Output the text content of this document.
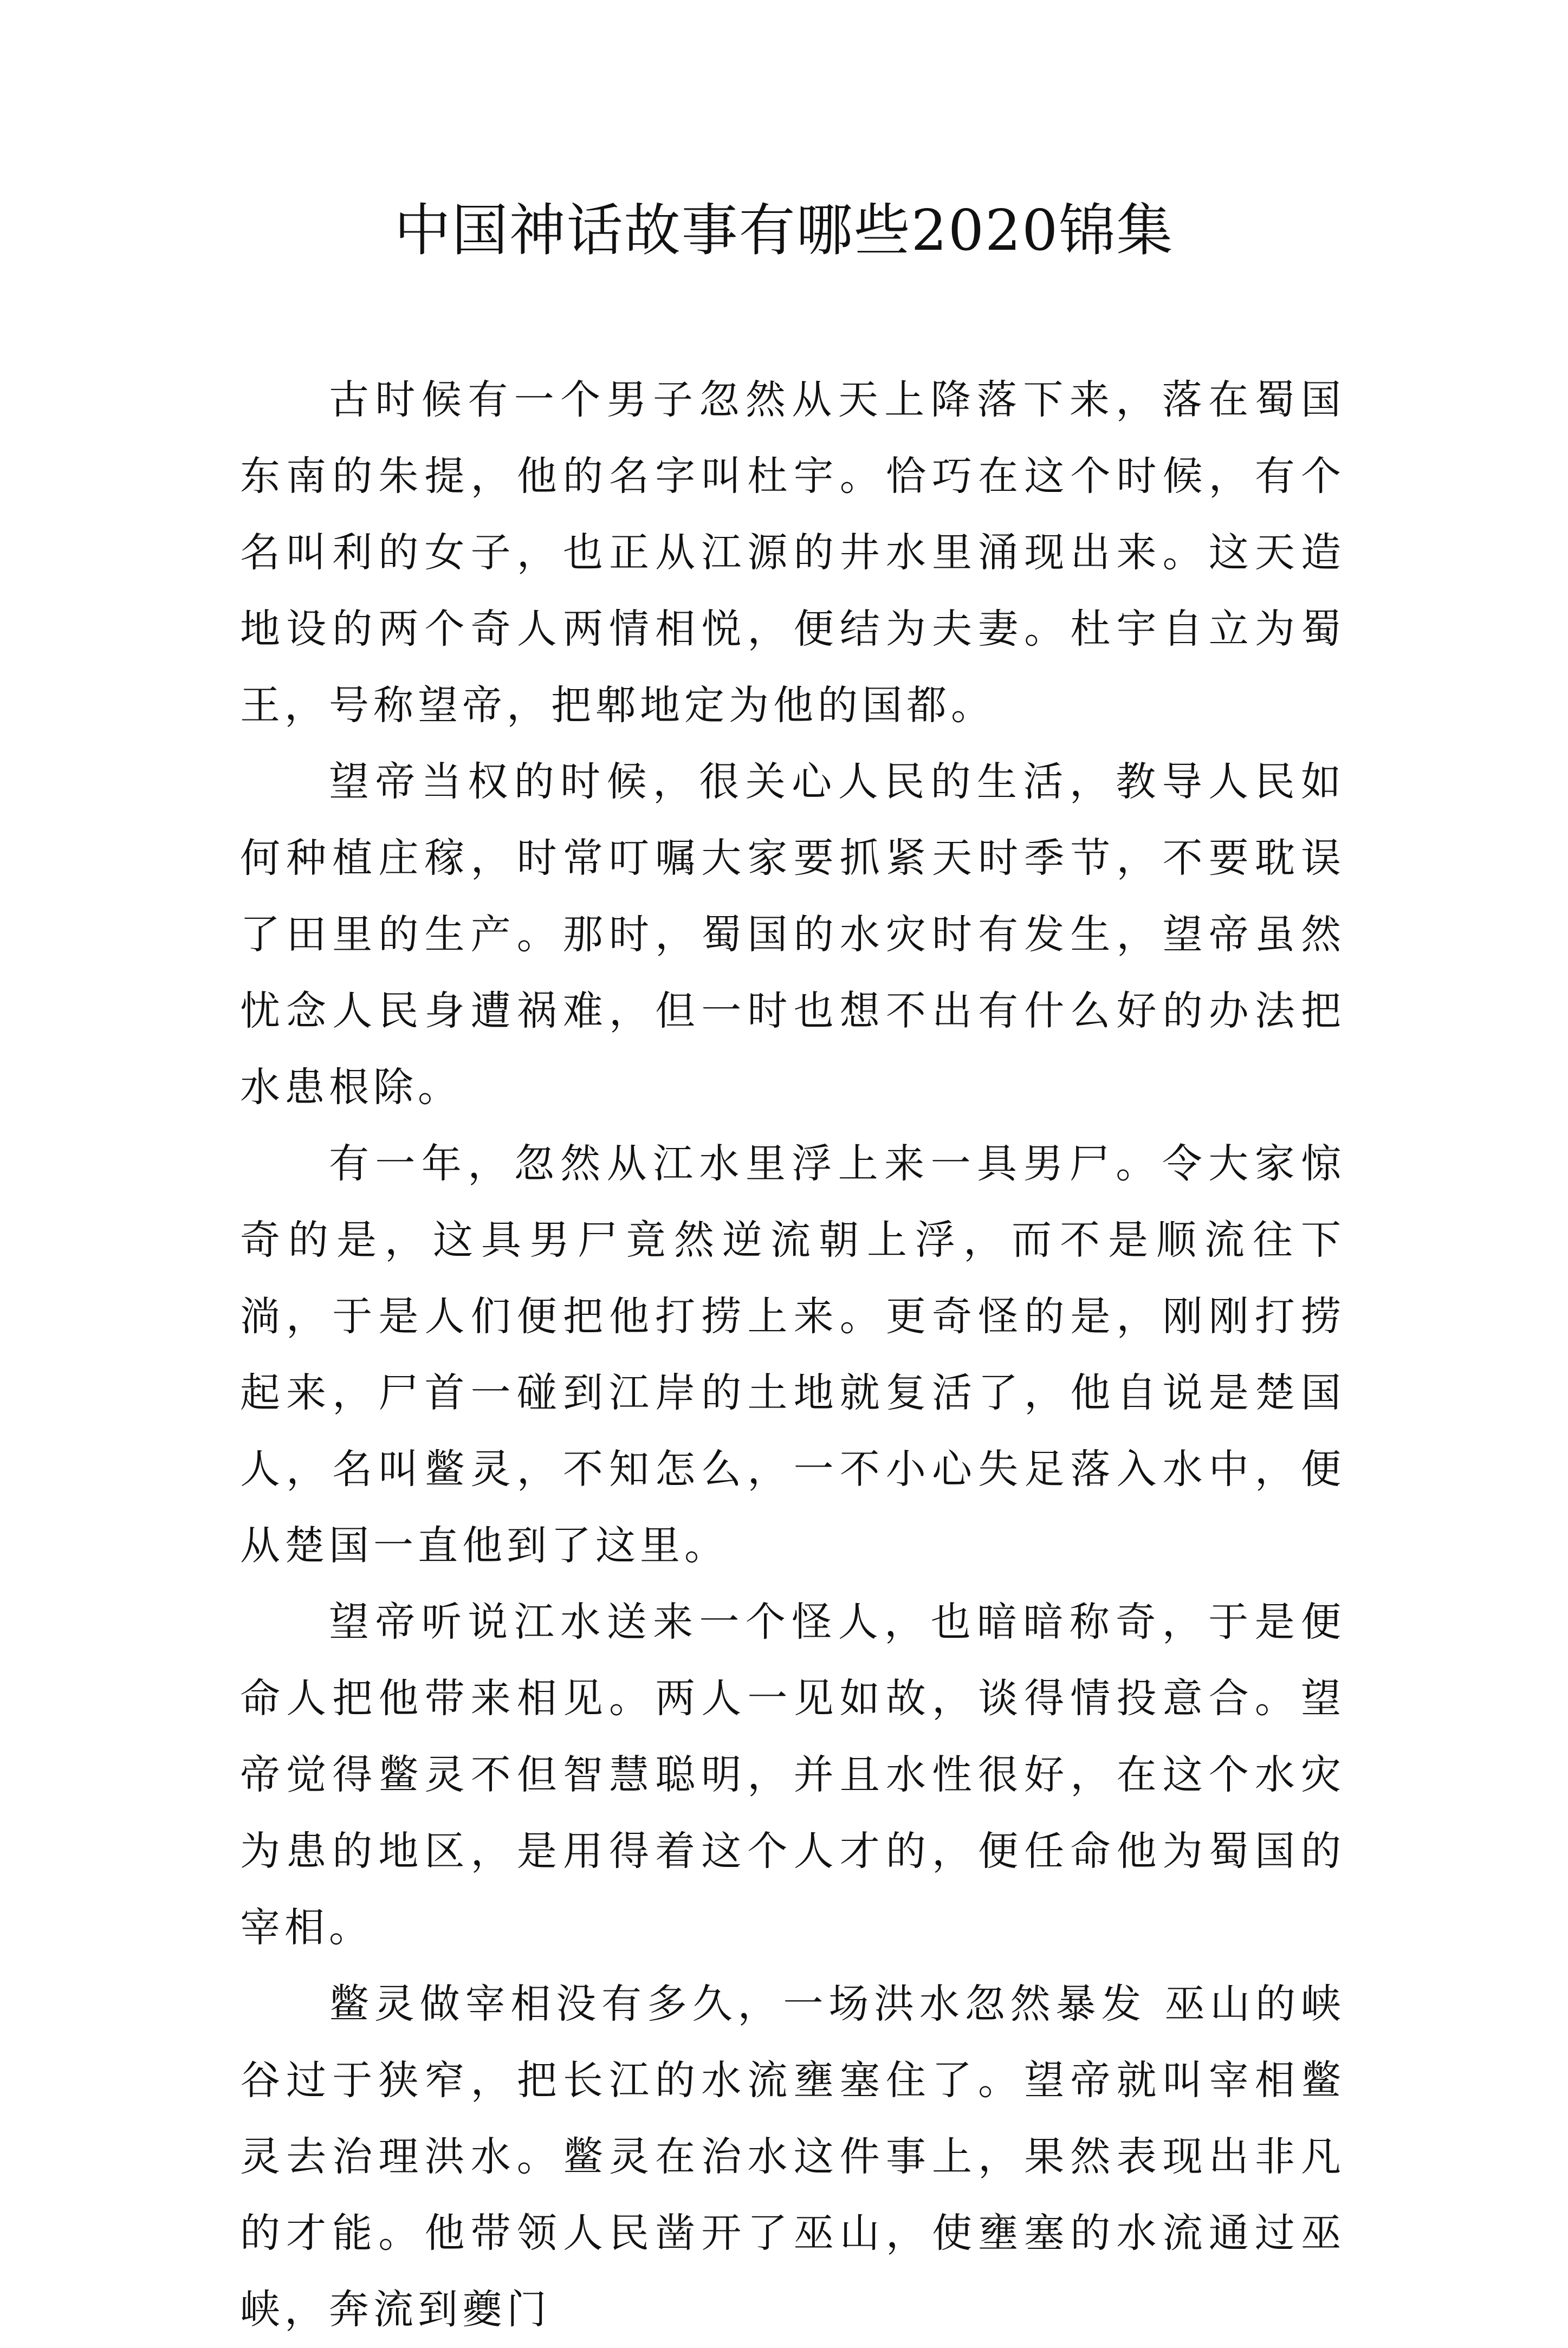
中国神话故事有哪些2020锦集

古时候有一个男子忽然从天上降落下来，落在蜀国东南的朱提，他的名字叫杜宇。恰巧在这个时候，有个名叫利的女子，也正从江源的井水里涌现出来。这天造地设的两个奇人两情相悦，便结为夫妻。杜宇自立为蜀王，号称望帝，把郫地定为他的国都。

望帝当权的时候，很关心人民的生活，教导人民如何种植庄稼，时常叮嘱大家要抓紧天时季节，不要耽误了田里的生产。那时，蜀国的水灾时有发生，望帝虽然忧念人民身遭祸难，但一时也想不出有什么好的办法把水患根除。

有一年，忽然从江水里浮上来一具男尸。令大家惊奇的是，这具男尸竟然逆流朝上浮，而不是顺流往下淌，于是人们便把他打捞上来。更奇怪的是，刚刚打捞起来，尸首一碰到江岸的土地就复活了，他自说是楚国人，名叫鳖灵，不知怎么，一不小心失足落入水中，便从楚国一直他到了这里。

望帝听说江水送来一个怪人，也暗暗称奇，于是便命人把他带来相见。两人一见如故，谈得情投意合。望帝觉得鳖灵不但智慧聪明，并且水性很好，在这个水灾为患的地区，是用得着这个人才的，便任命他为蜀国的宰相。

鳖灵做宰相没有多久，一场洪水忽然暴发 巫山的峡谷过于狭窄，把长江的水流壅塞住了。望帝就叫宰相鳖灵去治理洪水。鳖灵在治水这件事上，果然表现出非凡的才能。他带领人民凿开了巫山，使壅塞的水流通过巫峡，奔流到夔门
